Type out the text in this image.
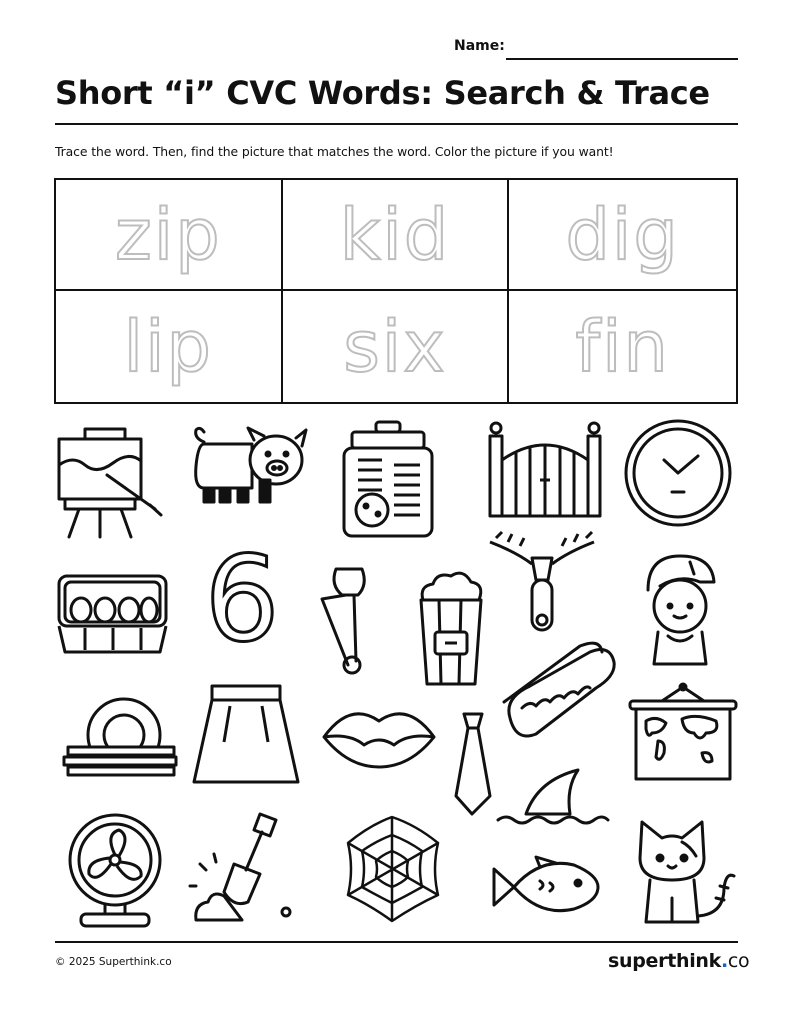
Name:
Short “i” CVC Words: Search & Trace
Trace the word. Then, find the picture that matches the word. Color the picture if you want!
zip kid dig
lip six fin
6
© 2025 Superthink.co	superthink.co
